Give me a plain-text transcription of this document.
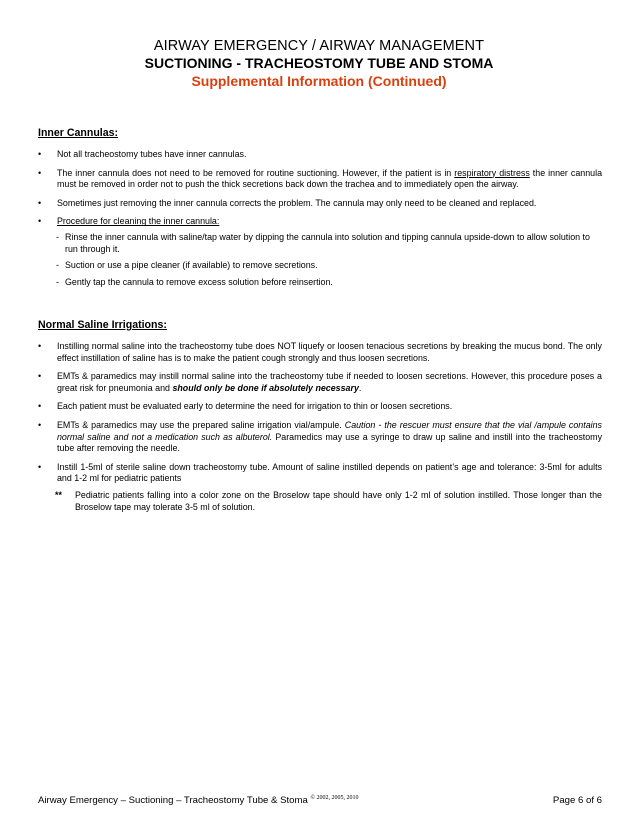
AIRWAY EMERGENCY / AIRWAY MANAGEMENT
SUCTIONING - TRACHEOSTOMY TUBE AND STOMA
Supplemental Information (Continued)
Inner Cannulas:
• Not all tracheostomy tubes have inner cannulas.
• The inner cannula does not need to be removed for routine suctioning. However, if the patient is in respiratory distress the inner cannula must be removed in order not to push the thick secretions back down the trachea and to immediately open the airway.
• Sometimes just removing the inner cannula corrects the problem. The cannula may only need to be cleaned and replaced.
• Procedure for cleaning the inner cannula:
- Rinse the inner cannula with saline/tap water by dipping the cannula into solution and tipping cannula upside-down to allow solution to run through it.
- Suction or use a pipe cleaner (if available) to remove secretions.
- Gently tap the cannula to remove excess solution before reinsertion.
Normal Saline Irrigations:
• Instilling normal saline into the tracheostomy tube does NOT liquefy or loosen tenacious secretions by breaking the mucus bond. The only effect instillation of saline has is to make the patient cough strongly and thus loosen secretions.
• EMTs & paramedics may instill normal saline into the tracheostomy tube if needed to loosen secretions. However, this procedure poses a great risk for pneumonia and should only be done if absolutely necessary.
• Each patient must be evaluated early to determine the need for irrigation to thin or loosen secretions.
• EMTs & paramedics may use the prepared saline irrigation vial/ampule. Caution - the rescuer must ensure that the vial /ampule contains normal saline and not a medication such as albuterol. Paramedics may use a syringe to draw up saline and instill into the tracheostomy tube after removing the needle.
• Instill 1-5ml of sterile saline down tracheostomy tube. Amount of saline instilled depends on patient’s age and tolerance: 3-5ml for adults and 1-2 ml for pediatric patients
** Pediatric patients falling into a color zone on the Broselow tape should have only 1-2 ml of solution instilled. Those longer than the Broselow tape may tolerate 3-5 ml of solution.
Airway Emergency – Suctioning – Tracheostomy Tube & Stoma $^{© 2002, 2005, 2010}$	Page 6 of 6
